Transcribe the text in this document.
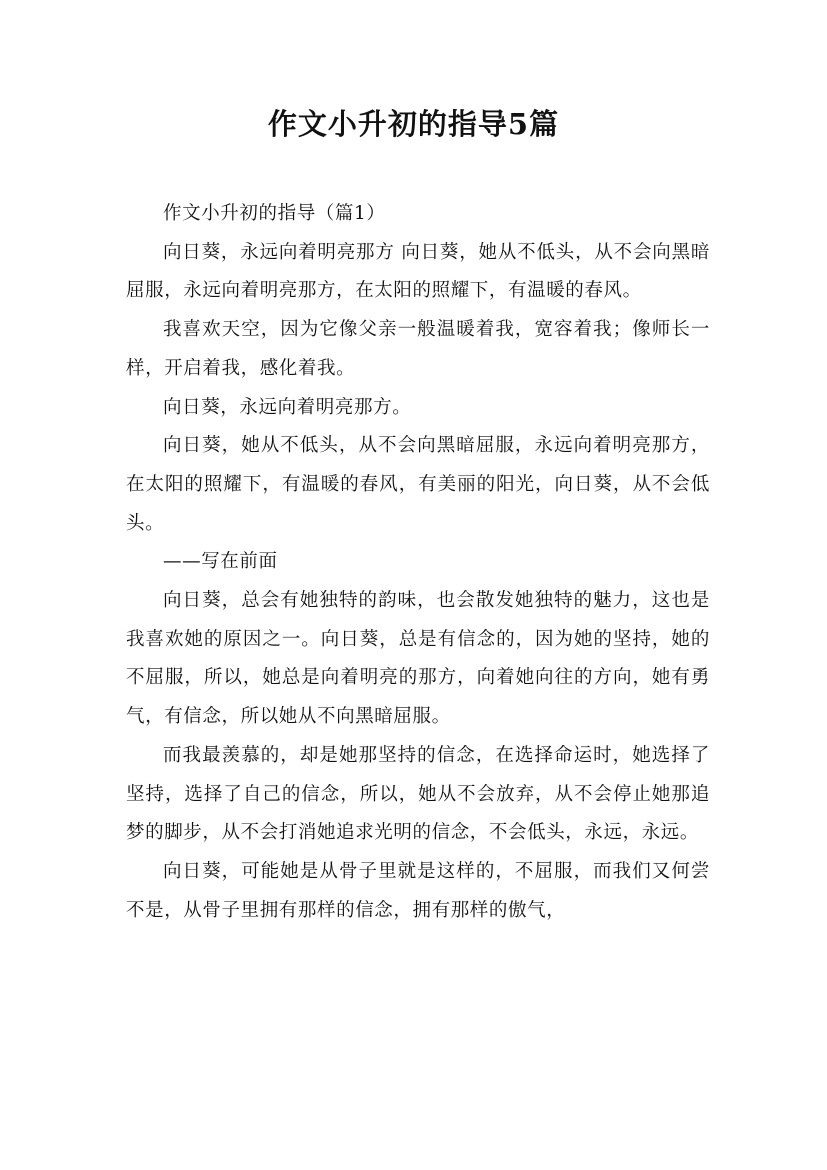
作文小升初的指导5篇

作文小升初的指导（篇1）

向日葵，永远向着明亮那方 向日葵，她从不低头，从不会向黑暗屈服，永远向着明亮那方，在太阳的照耀下，有温暖的春风。

我喜欢天空，因为它像父亲一般温暖着我，宽容着我；像师长一样，开启着我，感化着我。

向日葵，永远向着明亮那方。

向日葵，她从不低头，从不会向黑暗屈服，永远向着明亮那方，在太阳的照耀下，有温暖的春风，有美丽的阳光，向日葵，从不会低头。

——写在前面

向日葵，总会有她独特的韵味，也会散发她独特的魅力，这也是我喜欢她的原因之一。向日葵，总是有信念的，因为她的坚持，她的不屈服，所以，她总是向着明亮的那方，向着她向往的方向，她有勇气，有信念，所以她从不向黑暗屈服。

而我最羡慕的，却是她那坚持的信念，在选择命运时，她选择了坚持，选择了自己的信念，所以，她从不会放弃，从不会停止她那追梦的脚步，从不会打消她追求光明的信念，不会低头，永远，永远。

向日葵，可能她是从骨子里就是这样的，不屈服，而我们又何尝不是，从骨子里拥有那样的信念，拥有那样的傲气，
